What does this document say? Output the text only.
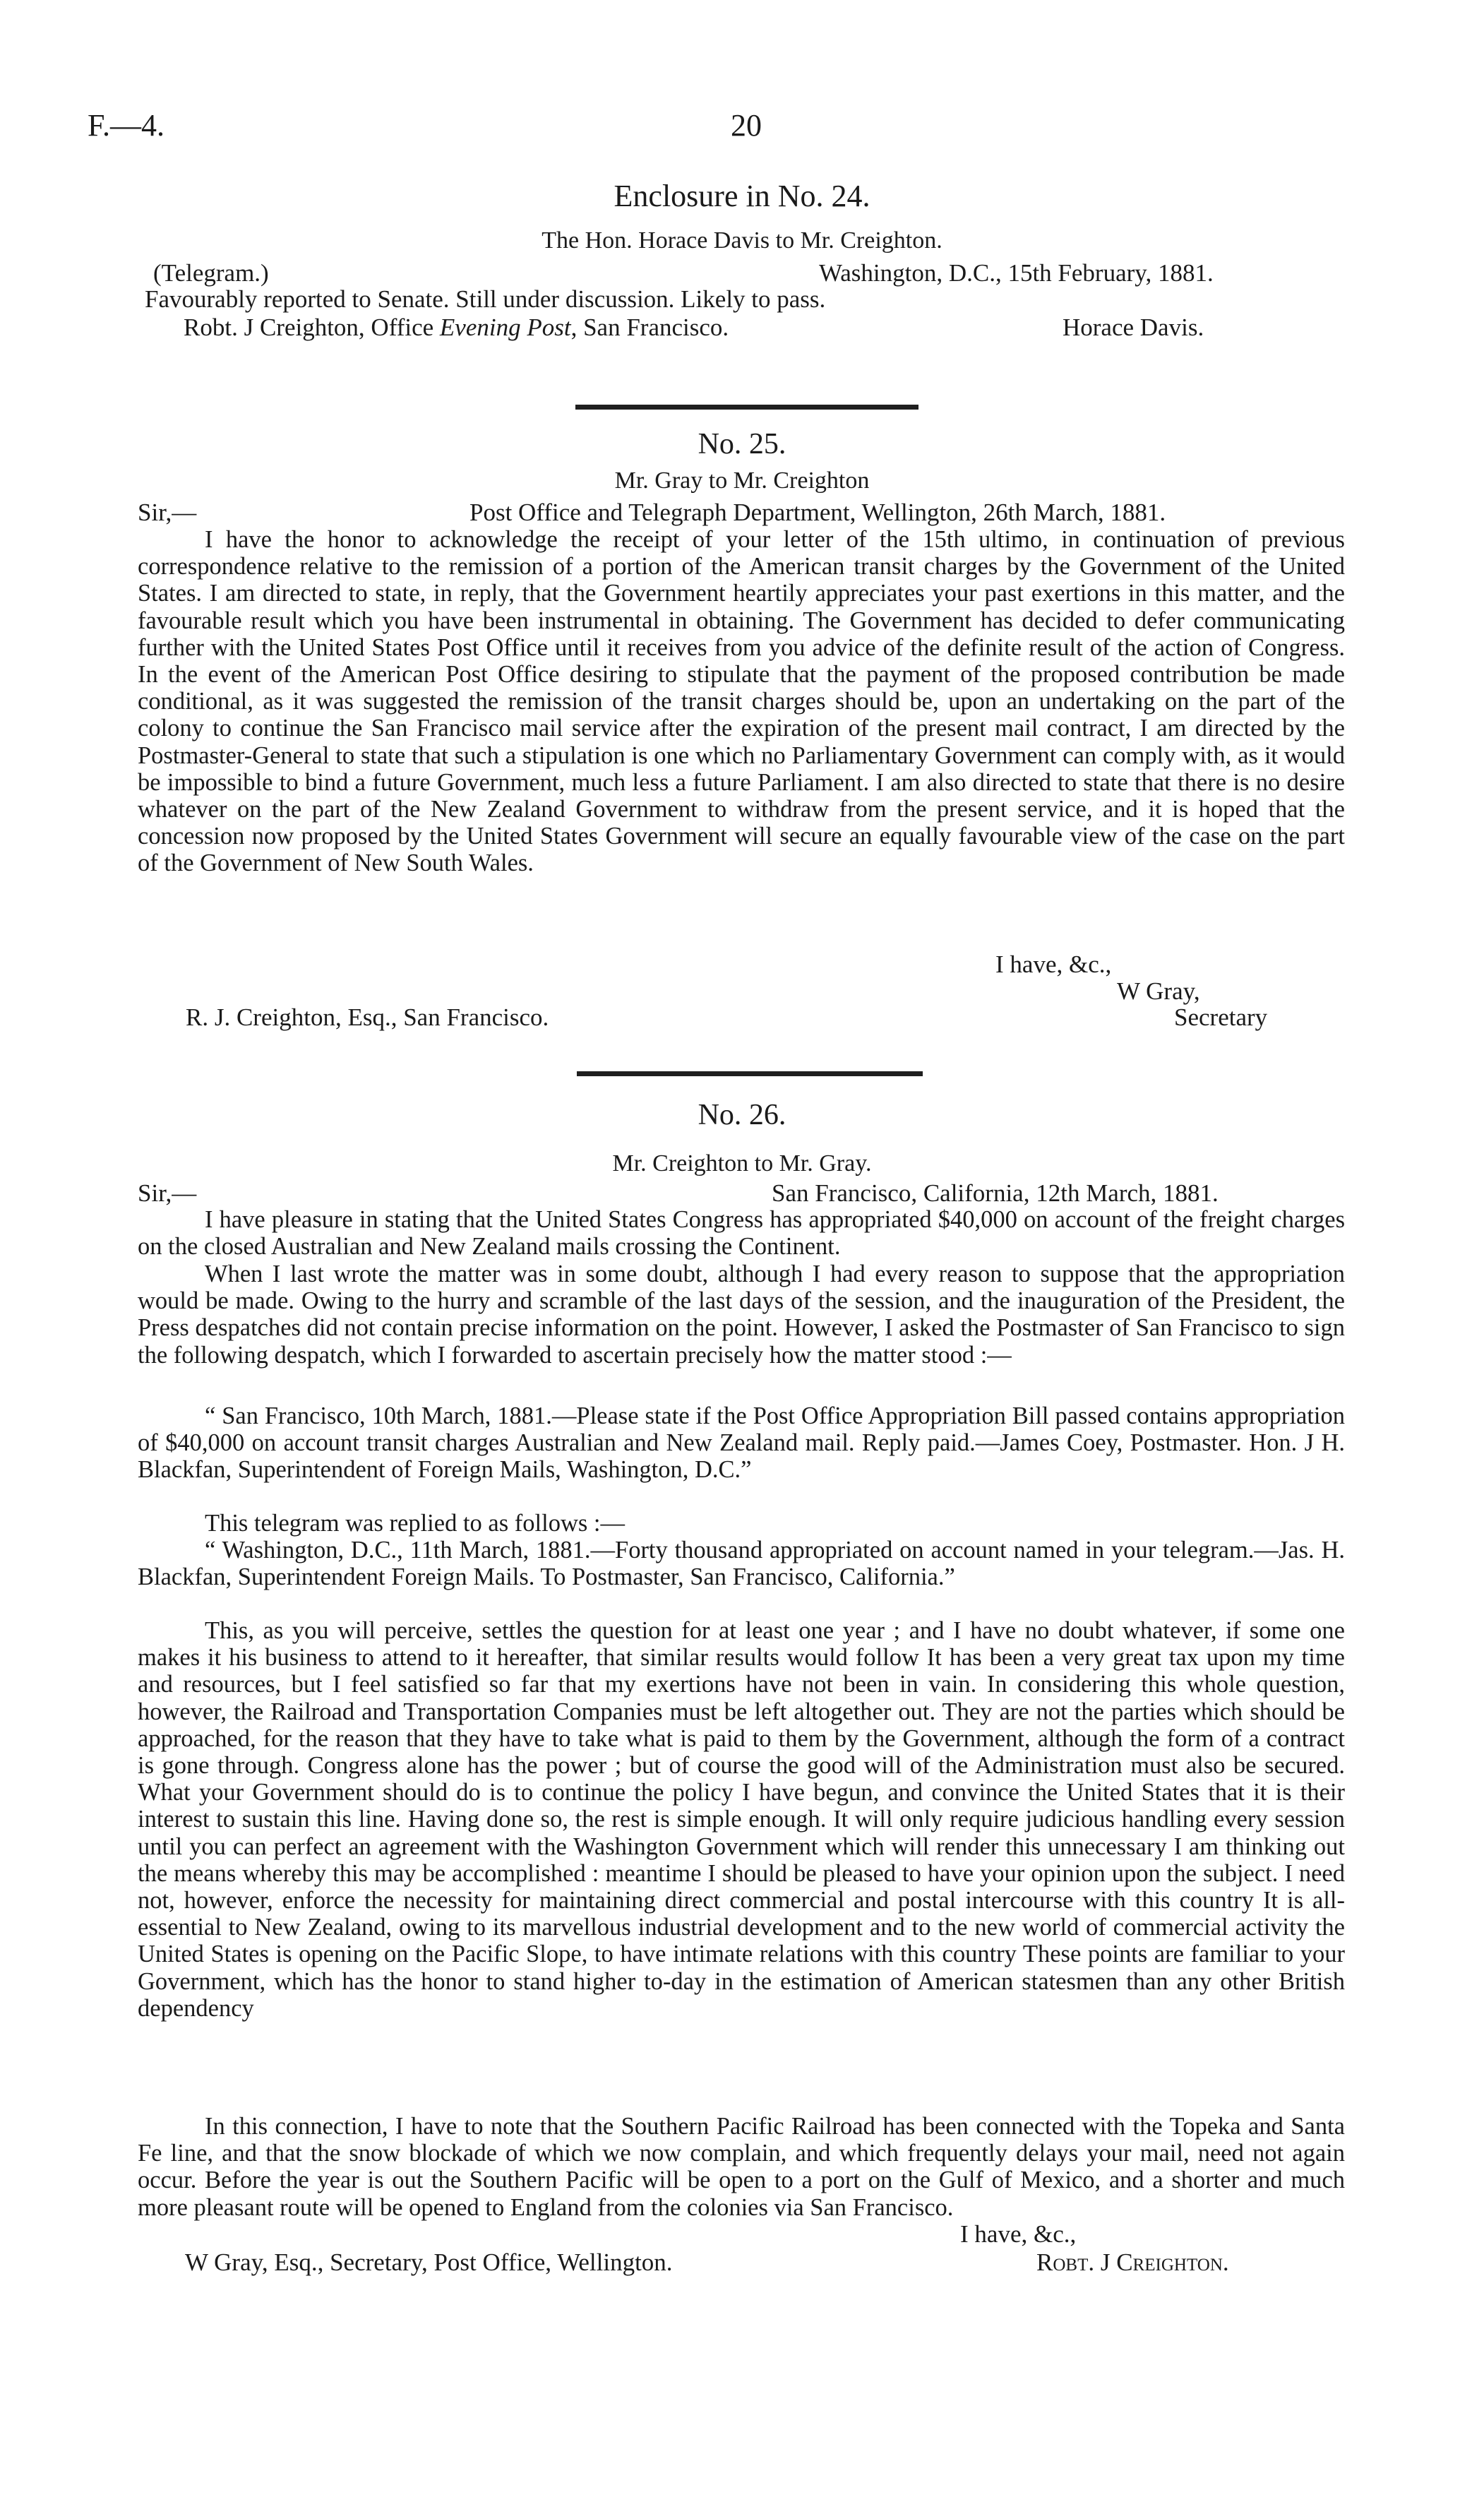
F.—4.	20
Enclosure in No. 24.
The Hon. Horace Davis to Mr. Creighton.
(Telegram.)	Washington, D.C., 15th February, 1881.
Favourably reported to Senate. Still under discussion. Likely to pass.
Robt. J Creighton, Office Evening Post, San Francisco.	Horace Davis.
No. 25.
Mr. Gray to Mr. Creighton
Sir,—	Post Office and Telegraph Department, Wellington, 26th March, 1881.
I have the honor to acknowledge the receipt of your letter of the 15th ultimo, in continuation of previous correspondence relative to the remission of a portion of the American transit charges by the Government of the United States. I am directed to state, in reply, that the Government heartily appreciates your past exertions in this matter, and the favourable result which you have been instrumental in obtaining. The Government has decided to defer communicating further with the United States Post Office until it receives from you advice of the definite result of the action of Congress. In the event of the American Post Office desiring to stipulate that the payment of the proposed contribution be made conditional, as it was suggested the remission of the transit charges should be, upon an undertaking on the part of the colony to continue the San Francisco mail service after the expiration of the present mail contract, I am directed by the Postmaster-General to state that such a stipulation is one which no Parliamentary Government can comply with, as it would be impossible to bind a future Government, much less a future Parliament. I am also directed to state that there is no desire whatever on the part of the New Zealand Government to withdraw from the present service, and it is hoped that the concession now proposed by the United States Government will secure an equally favourable view of the case on the part of the Government of New South Wales.
I have, &c.,
W Gray,
R. J. Creighton, Esq., San Francisco.	Secretary
No. 26.
Mr. Creighton to Mr. Gray.
Sir,—	San Francisco, California, 12th March, 1881.
I have pleasure in stating that the United States Congress has appropriated $40,000 on account of the freight charges on the closed Australian and New Zealand mails crossing the Continent.
When I last wrote the matter was in some doubt, although I had every reason to suppose that the appropriation would be made. Owing to the hurry and scramble of the last days of the session, and the inauguration of the President, the Press despatches did not contain precise information on the point. However, I asked the Postmaster of San Francisco to sign the following despatch, which I forwarded to ascertain precisely how the matter stood :—
“ San Francisco, 10th March, 1881.—Please state if the Post Office Appropriation Bill passed contains appropriation of $40,000 on account transit charges Australian and New Zealand mail. Reply paid.—James Coey, Postmaster. Hon. J H. Blackfan, Superintendent of Foreign Mails, Washington, D.C.”
This telegram was replied to as follows :—
“ Washington, D.C., 11th March, 1881.—Forty thousand appropriated on account named in your telegram.—Jas. H. Blackfan, Superintendent Foreign Mails. To Postmaster, San Francisco, California.”
This, as you will perceive, settles the question for at least one year ; and I have no doubt whatever, if some one makes it his business to attend to it hereafter, that similar results would follow It has been a very great tax upon my time and resources, but I feel satisfied so far that my exertions have not been in vain. In considering this whole question, however, the Railroad and Transportation Companies must be left altogether out. They are not the parties which should be approached, for the reason that they have to take what is paid to them by the Government, although the form of a contract is gone through. Congress alone has the power ; but of course the good will of the Administration must also be secured. What your Government should do is to continue the policy I have begun, and convince the United States that it is their interest to sustain this line. Having done so, the rest is simple enough. It will only require judicious handling every session until you can perfect an agreement with the Washington Government which will render this unnecessary I am thinking out the means whereby this may be accomplished : meantime I should be pleased to have your opinion upon the subject. I need not, however, enforce the necessity for maintaining direct commercial and postal intercourse with this country It is all-essential to New Zealand, owing to its marvellous industrial development and to the new world of commercial activity the United States is opening on the Pacific Slope, to have intimate relations with this country These points are familiar to your Government, which has the honor to stand higher to-day in the estimation of American statesmen than any other British dependency
In this connection, I have to note that the Southern Pacific Railroad has been connected with the Topeka and Santa Fe line, and that the snow blockade of which we now complain, and which frequently delays your mail, need not again occur. Before the year is out the Southern Pacific will be open to a port on the Gulf of Mexico, and a shorter and much more pleasant route will be opened to England from the colonies via San Francisco.
I have, &c.,
W Gray, Esq., Secretary, Post Office, Wellington.	Robt. J Creighton.
